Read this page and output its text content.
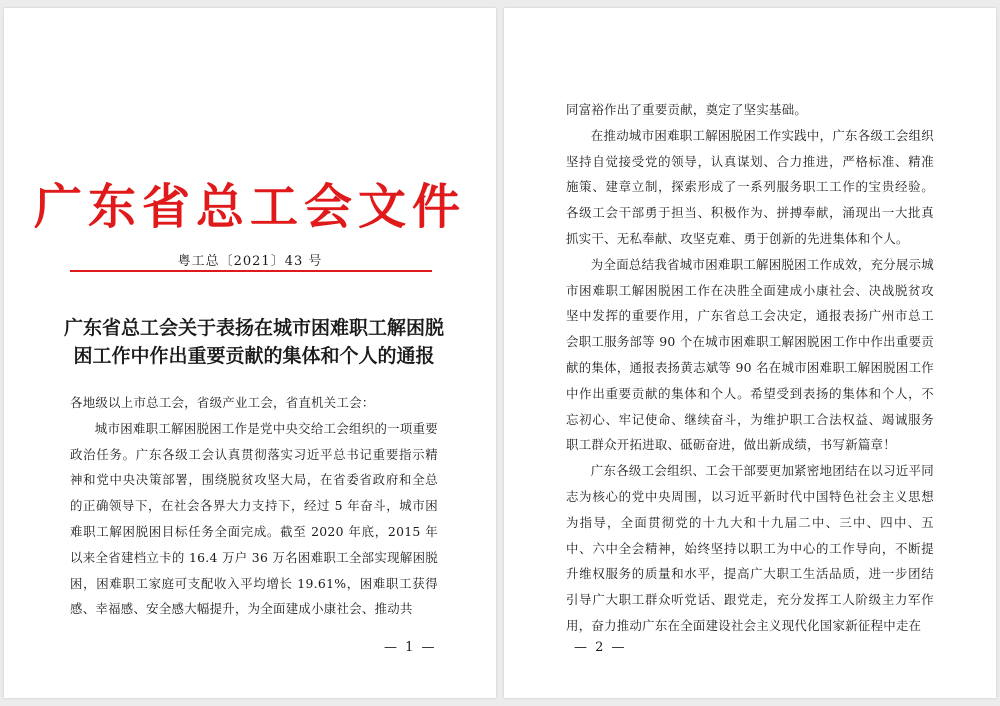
广东省总工会文件
粤工总〔2021〕43 号
广东省总工会关于表扬在城市困难职工解困脱困工作中作出重要贡献的集体和个人的通报

各地级以上市总工会，省级产业工会，省直机关工会：

城市困难职工解困脱困工作是党中央交给工会组织的一项重要政治任务。广东各级工会认真贯彻落实习近平总书记重要指示精神和党中央决策部署，围绕脱贫攻坚大局，在省委省政府和全总的正确领导下，在社会各界大力支持下，经过 5 年奋斗，城市困难职工解困脱困目标任务全面完成。截至 2020 年底，2015 年以来全省建档立卡的 16.4 万户 36 万名困难职工全部实现解困脱困，困难职工家庭可支配收入平均增长 19.61%，困难职工获得感、幸福感、安全感大幅提升，为全面建成小康社会、推动共

— 1 —

同富裕作出了重要贡献，奠定了坚实基础。

在推动城市困难职工解困脱困工作实践中，广东各级工会组织坚持自觉接受党的领导，认真谋划、合力推进，严格标准、精准施策、建章立制，探索形成了一系列服务职工工作的宝贵经验。各级工会干部勇于担当、积极作为、拼搏奉献，涌现出一大批真抓实干、无私奉献、攻坚克难、勇于创新的先进集体和个人。

为全面总结我省城市困难职工解困脱困工作成效，充分展示城市困难职工解困脱困工作在决胜全面建成小康社会、决战脱贫攻坚中发挥的重要作用，广东省总工会决定，通报表扬广州市总工会职工服务部等 90 个在城市困难职工解困脱困工作中作出重要贡献的集体，通报表扬黄志斌等 90 名在城市困难职工解困脱困工作中作出重要贡献的集体和个人。希望受到表扬的集体和个人，不忘初心、牢记使命、继续奋斗，为维护职工合法权益、竭诚服务职工群众开拓进取、砥砺奋进，做出新成绩，书写新篇章！

广东各级工会组织、工会干部要更加紧密地团结在以习近平同志为核心的党中央周围，以习近平新时代中国特色社会主义思想为指导，全面贯彻党的十九大和十九届二中、三中、四中、五中、六中全会精神，始终坚持以职工为中心的工作导向，不断提升维权服务的质量和水平，提高广大职工生活品质，进一步团结引导广大职工群众听党话、跟党走，充分发挥工人阶级主力军作用，奋力推动广东在全面建设社会主义现代化国家新征程中走在

— 2 —
